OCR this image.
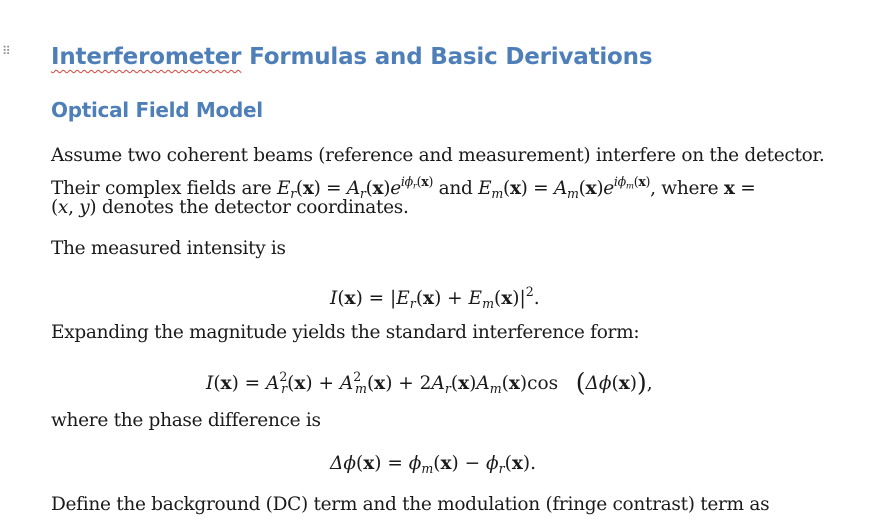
⠿ Interferometer Formulas and Basic Derivations
Optical Field Model

Assume two coherent beams (reference and measurement) interfere on the detector.

Their complex fields are $E_r(x) = A_r(x)e^{i\phi_r(x)}$ and $E_m(x) = A_m(x)e^{i\phi_m(x)}$, where x =

(x, y) denotes the detector coordinates.

The measured intensity is

$I(x) = |E_r(x) + E_m(x)|^2$.

Expanding the magnitude yields the standard interference form:

$I(x) = A^2_r(x) + A^2_m(x) + 2A_r(x)A_m(x)\cos$   (Δϕ(x)),

where the phase difference is

$\Delta\phi(x) = \phi_m(x) - \phi_r(x)$.

Define the background (DC) term and the modulation (fringe contrast) term as
